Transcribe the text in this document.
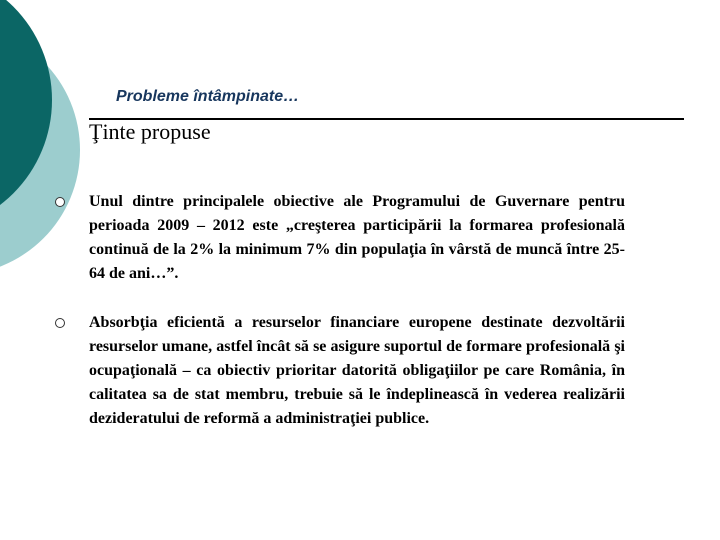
Probleme întâmpinate…
Ţinte propuse
Unul dintre principalele obiective ale Programului de Guvernare pentru perioada 2009 – 2012 este „creşterea participării la formarea profesională continuă de la 2% la minimum 7% din populaţia în vârstă de muncă între 25-64 de ani…”.
Absorbţia eficientă a resurselor financiare europene destinate dezvoltării resurselor umane, astfel încât să se asigure suportul de formare profesională şi ocupaţională – ca obiectiv prioritar datorită obligaţiilor pe care România, în calitatea sa de stat membru, trebuie să le îndeplinească în vederea realizării dezideratului de reformă a administraţiei publice.
